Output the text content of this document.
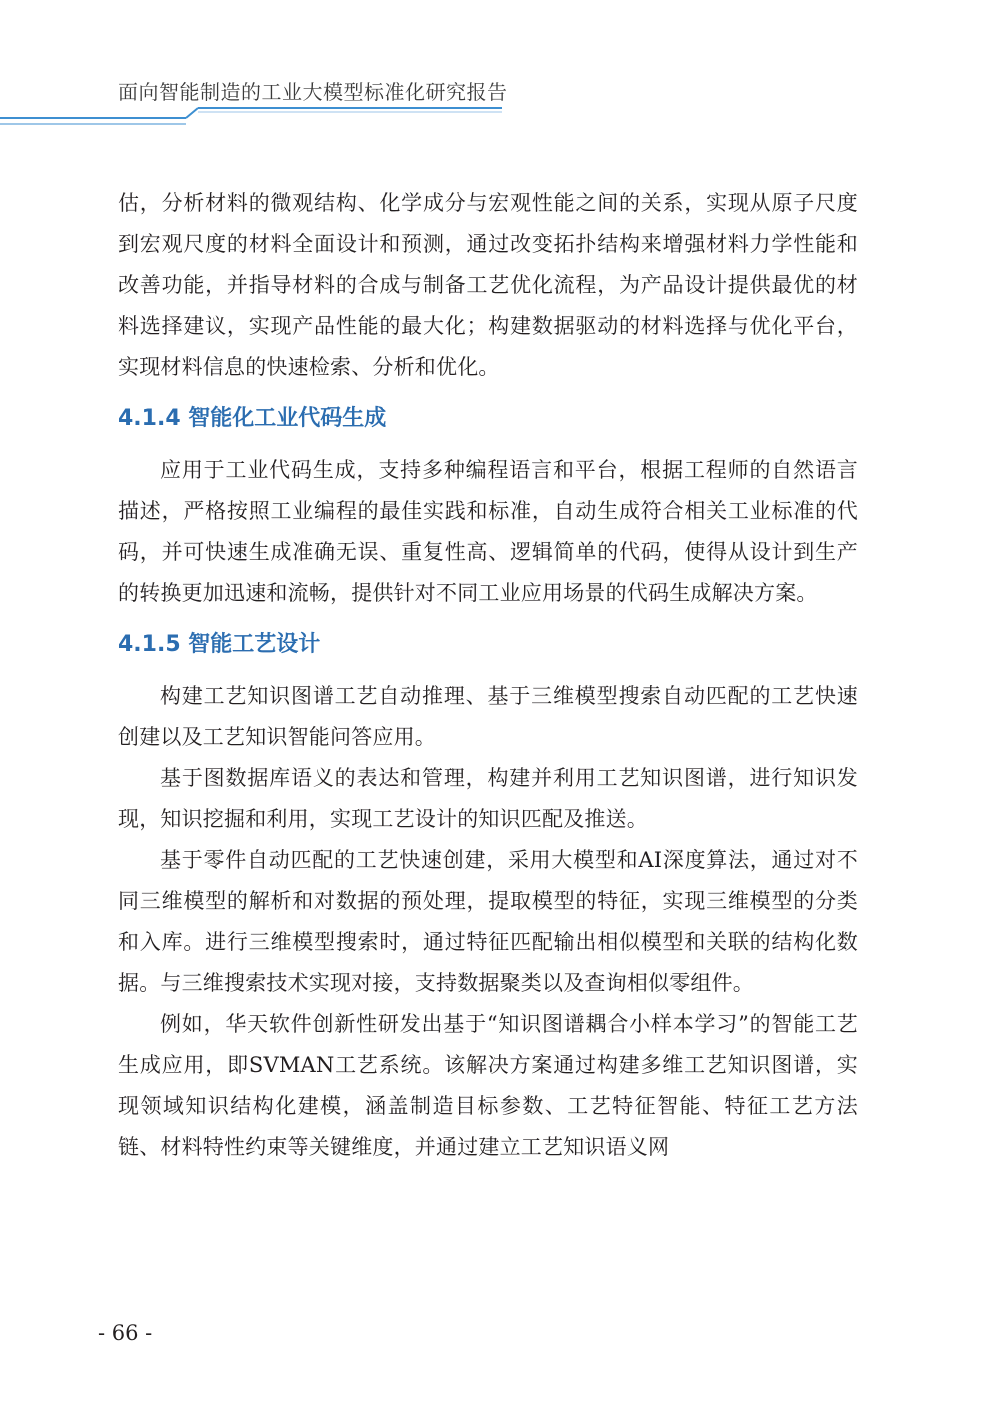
面向智能制造的工业大模型标准化研究报告

估，分析材料的微观结构、化学成分与宏观性能之间的关系，实现从原子尺度到宏观尺度的材料全面设计和预测，通过改变拓扑结构来增强材料力学性能和改善功能，并指导材料的合成与制备工艺优化流程，为产品设计提供最优的材料选择建议，实现产品性能的最大化；构建数据驱动的材料选择与优化平台，实现材料信息的快速检索、分析和优化。

4.1.4 智能化工业代码生成

应用于工业代码生成，支持多种编程语言和平台，根据工程师的自然语言描述，严格按照工业编程的最佳实践和标准，自动生成符合相关工业标准的代码，并可快速生成准确无误、重复性高、逻辑简单的代码，使得从设计到生产的转换更加迅速和流畅，提供针对不同工业应用场景的代码生成解决方案。

4.1.5 智能工艺设计

构建工艺知识图谱工艺自动推理、基于三维模型搜索自动匹配的工艺快速创建以及工艺知识智能问答应用。

基于图数据库语义的表达和管理，构建并利用工艺知识图谱，进行知识发现，知识挖掘和利用，实现工艺设计的知识匹配及推送。

基于零件自动匹配的工艺快速创建，采用大模型和AI深度算法，通过对不同三维模型的解析和对数据的预处理，提取模型的特征，实现三维模型的分类和入库。进行三维模型搜索时，通过特征匹配输出相似模型和关联的结构化数据。与三维搜索技术实现对接，支持数据聚类以及查询相似零组件。

例如，华天软件创新性研发出基于“知识图谱耦合小样本学习”的智能工艺生成应用，即SVMAN工艺系统。该解决方案通过构建多维工艺知识图谱，实现领域知识结构化建模，涵盖制造目标参数、工艺特征智能、特征工艺方法链、材料特性约束等关键维度，并通过建立工艺知识语义网

- 66 -
